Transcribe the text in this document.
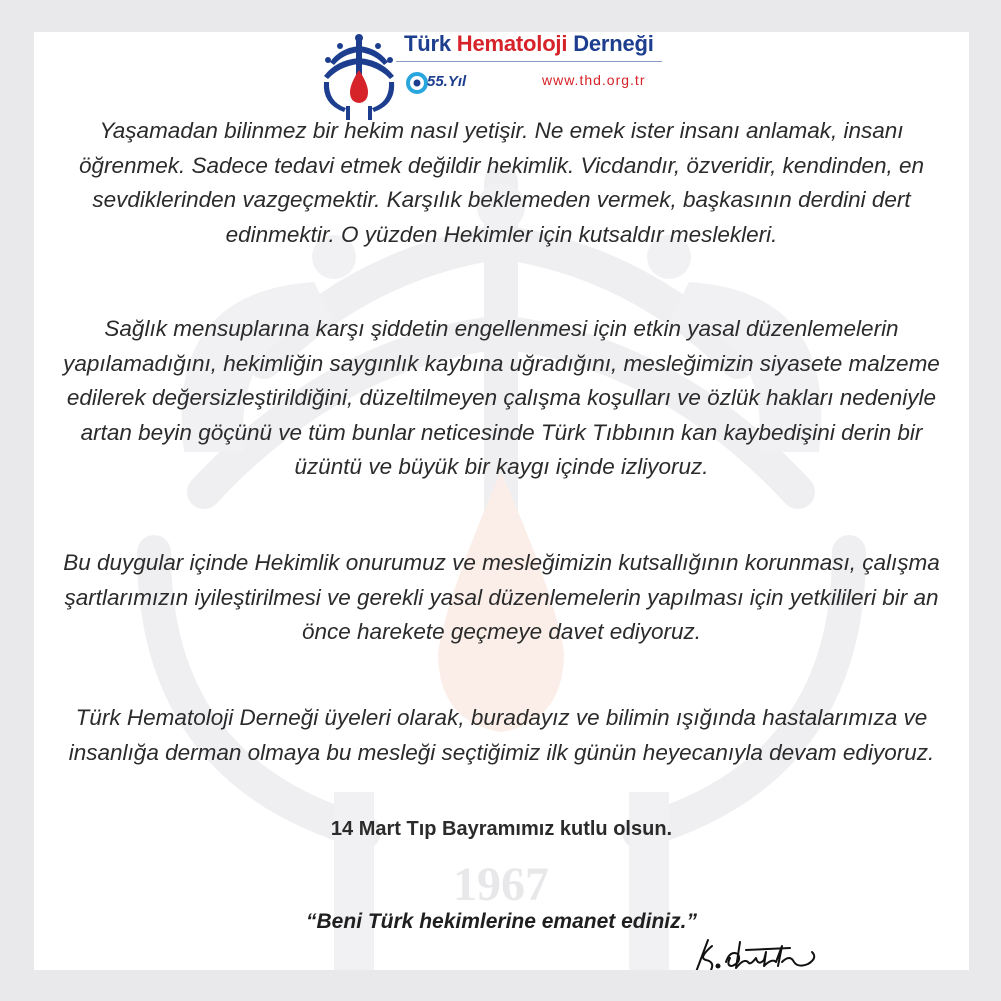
1967
Türk Hematoloji Derneği
55.Yıl	www.thd.org.tr

Yaşamadan bilinmez bir hekim nasıl yetişir. Ne emek ister insanı anlamak, insanı öğrenmek. Sadece tedavi etmek değildir hekimlik. Vicdandır, özveridir, kendinden, en sevdiklerinden vazgeçmektir. Karşılık beklemeden vermek, başkasının derdini dert edinmektir. O yüzden Hekimler için kutsaldır meslekleri.

Sağlık mensuplarına karşı şiddetin engellenmesi için etkin yasal düzenlemelerin yapılamadığını, hekimliğin saygınlık kaybına uğradığını, mesleğimizin siyasete malzeme edilerek değersizleştirildiğini, düzeltilmeyen çalışma koşulları ve özlük hakları nedeniyle artan beyin göçünü ve tüm bunlar neticesinde Türk Tıbbının kan kaybedişini derin bir üzüntü ve büyük bir kaygı içinde izliyoruz.

Bu duygular içinde Hekimlik onurumuz ve mesleğimizin kutsallığının korunması, çalışma şartlarımızın iyileştirilmesi ve gerekli yasal düzenlemelerin yapılması için yetkilileri bir an önce harekete geçmeye davet ediyoruz.

Türk Hematoloji Derneği üyeleri olarak, buradayız ve bilimin ışığında hastalarımıza ve insanlığa derman olmaya bu mesleği seçtiğimiz ilk günün heyecanıyla devam ediyoruz.

14 Mart Tıp Bayramımız kutlu olsun.
“Beni Türk hekimlerine emanet ediniz.”
